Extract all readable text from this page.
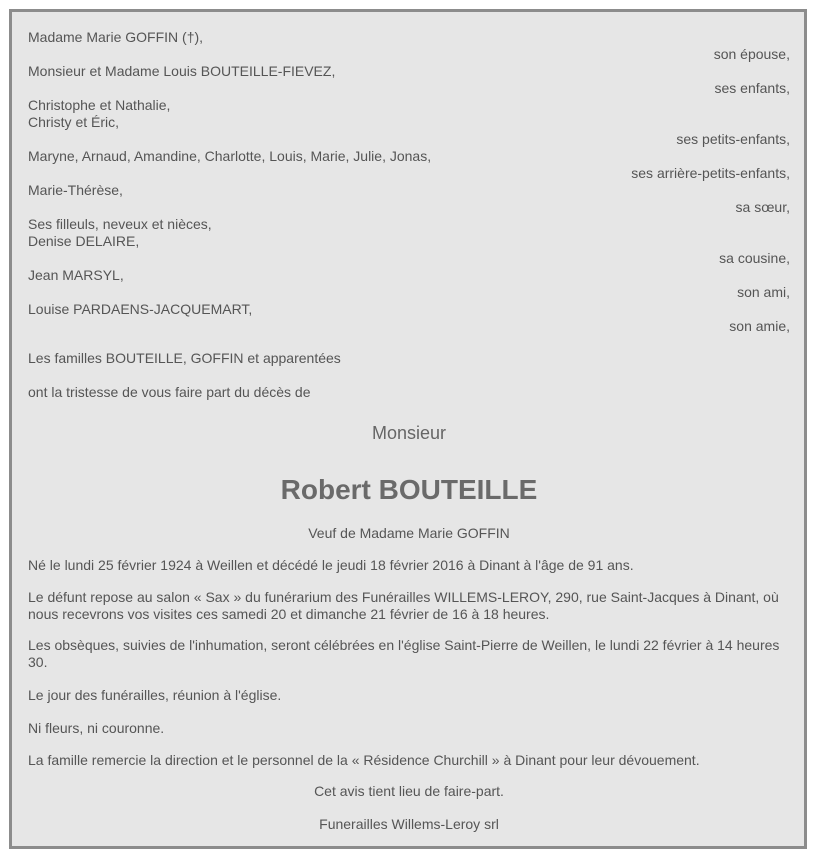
Madame Marie GOFFIN (†),
son épouse,
Monsieur et Madame Louis BOUTEILLE-FIEVEZ,
ses enfants,
Christophe et Nathalie,
Christy et Éric,
ses petits-enfants,
Maryne, Arnaud, Amandine, Charlotte, Louis, Marie, Julie, Jonas,
ses arrière-petits-enfants,
Marie-Thérèse,
sa sœur,
Ses filleuls, neveux et nièces,
Denise DELAIRE,
sa cousine,
Jean MARSYL,
son ami,
Louise PARDAENS-JACQUEMART,
son amie,
Les familles BOUTEILLE, GOFFIN et apparentées
ont la tristesse de vous faire part du décès de
Monsieur
Robert BOUTEILLE
Veuf de Madame Marie GOFFIN
Né le lundi 25 février 1924 à Weillen et décédé le jeudi 18 février 2016 à Dinant à l'âge de 91 ans.
Le défunt repose au salon « Sax » du funérarium des Funérailles WILLEMS-LEROY, 290, rue Saint-Jacques à Dinant, où nous recevrons vos visites ces samedi 20 et dimanche 21 février de 16 à 18 heures.
Les obsèques, suivies de l'inhumation, seront célébrées en l'église Saint-Pierre de Weillen, le lundi 22 février à 14 heures 30.
Le jour des funérailles, réunion à l'église.
Ni fleurs, ni couronne.
La famille remercie la direction et le personnel de la « Résidence Churchill » à Dinant pour leur dévouement.
Cet avis tient lieu de faire-part.
Funerailles Willems-Leroy srl
